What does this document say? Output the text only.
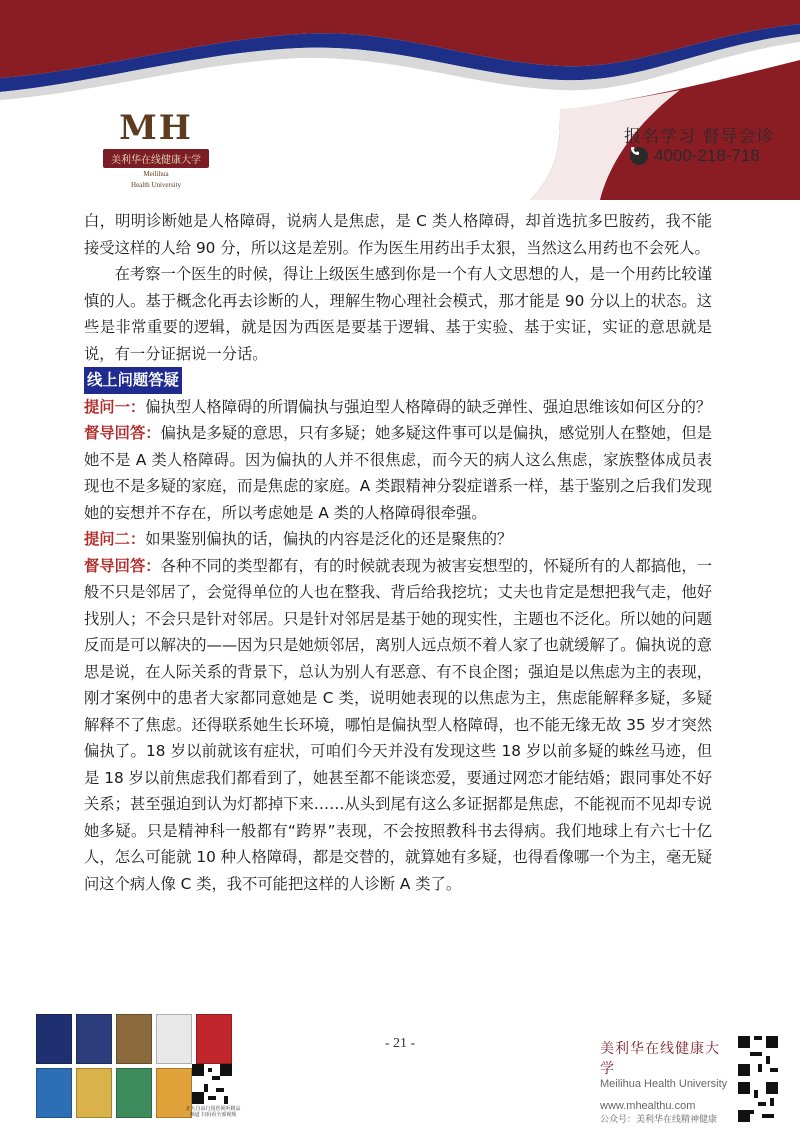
MH
美利华在线健康大学
Meilihua
Health University
报名学习 督导会诊
4000-218-718

白，明明诊断她是人格障碍，说病人是焦虑，是 C 类人格障碍，却首选抗多巴胺药，我不能接受这样的人给 90 分，所以这是差别。作为医生用药出手太狠，当然这么用药也不会死人。

在考察一个医生的时候，得让上级医生感到你是一个有人文思想的人，是一个用药比较谨慎的人。基于概念化再去诊断的人，理解生物心理社会模式，那才能是 90 分以上的状态。这些是非常重要的逻辑，就是因为西医是要基于逻辑、基于实验、基于实证，实证的意思就是说，有一分证据说一分话。

线上问题答疑

提问一：偏执型人格障碍的所谓偏执与强迫型人格障碍的缺乏弹性、强迫思维该如何区分的？

督导回答：偏执是多疑的意思，只有多疑；她多疑这件事可以是偏执，感觉别人在整她，但是她不是 A 类人格障碍。因为偏执的人并不很焦虑，而今天的病人这么焦虑，家族整体成员表现也不是多疑的家庭，而是焦虑的家庭。A 类跟精神分裂症谱系一样，基于鉴别之后我们发现她的妄想并不存在，所以考虑她是 A 类的人格障碍很牵强。

提问二：如果鉴别偏执的话，偏执的内容是泛化的还是聚焦的？

督导回答：各种不同的类型都有，有的时候就表现为被害妄想型的，怀疑所有的人都搞他，一般不只是邻居了，会觉得单位的人也在整我、背后给我挖坑；丈夫也肯定是想把我气走，他好找别人；不会只是针对邻居。只是针对邻居是基于她的现实性，主题也不泛化。所以她的问题反而是可以解决的——因为只是她烦邻居，离别人远点烦不着人家了也就缓解了。偏执说的意思是说，在人际关系的背景下，总认为别人有恶意、有不良企图；强迫是以焦虑为主的表现，刚才案例中的患者大家都同意她是 C 类，说明她表现的以焦虑为主，焦虑能解释多疑，多疑解释不了焦虑。还得联系她生长环境，哪怕是偏执型人格障碍，也不能无缘无故 35 岁才突然偏执了。18 岁以前就该有症状，可咱们今天并没有发现这些 18 岁以前多疑的蛛丝马迹，但是 18 岁以前焦虑我们都看到了，她甚至都不能谈恋爱，要通过网恋才能结婚；跟同事处不好关系；甚至强迫到认为灯都掉下来……从头到尾有这么多证据都是焦虑，不能视而不见却专说她多疑。只是精神科一般都有“跨界”表现，不会按照教科书去得病。我们地球上有六七十亿人，怎么可能就 10 种人格障碍，都是交替的，就算她有多疑，也得看像哪一个为主，毫无疑问这个病人像 C 类，我不可能把这样的人诊断 A 类了。

- 21 -
北大自由行国医视听精品频道 扫码看全部视频
美利华在线健康大学
Meilihua Health University
www.mhealthu.com
公众号：美利华在线精神健康
